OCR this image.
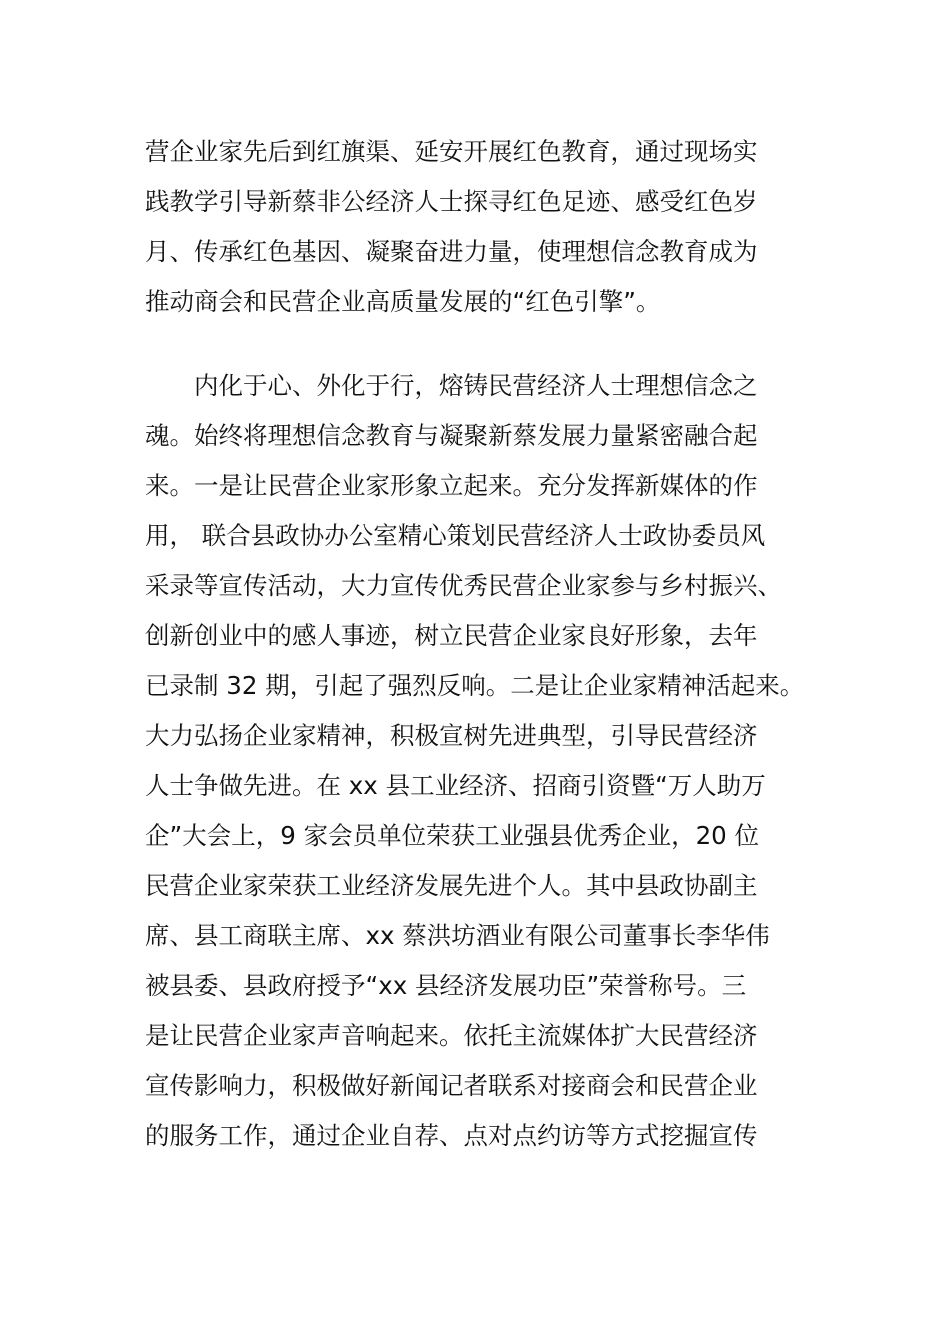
营企业家先后到红旗渠、延安开展红色教育，通过现场实
践教学引导新蔡非公经济人士探寻红色足迹、感受红色岁
月、传承红色基因、凝聚奋进力量，使理想信念教育成为
推动商会和民营企业高质量发展的“红色引擎”。
内化于心、外化于行，熔铸民营经济人士理想信念之
魂。始终将理想信念教育与凝聚新蔡发展力量紧密融合起
来。一是让民营企业家形象立起来。充分发挥新媒体的作
用， 联合县政协办公室精心策划民营经济人士政协委员风
采录等宣传活动，大力宣传优秀民营企业家参与乡村振兴、
创新创业中的感人事迹，树立民营企业家良好形象，去年
已录制 32 期，引起了强烈反响。二是让企业家精神活起来。
大力弘扬企业家精神，积极宣树先进典型，引导民营经济
人士争做先进。在 xx 县工业经济、招商引资暨“万人助万
企”大会上，9 家会员单位荣获工业强县优秀企业，20 位
民营企业家荣获工业经济发展先进个人。其中县政协副主
席、县工商联主席、xx 蔡洪坊酒业有限公司董事长李华伟
被县委、县政府授予“xx 县经济发展功臣”荣誉称号。三
是让民营企业家声音响起来。依托主流媒体扩大民营经济
宣传影响力，积极做好新闻记者联系对接商会和民营企业
的服务工作，通过企业自荐、点对点约访等方式挖掘宣传
